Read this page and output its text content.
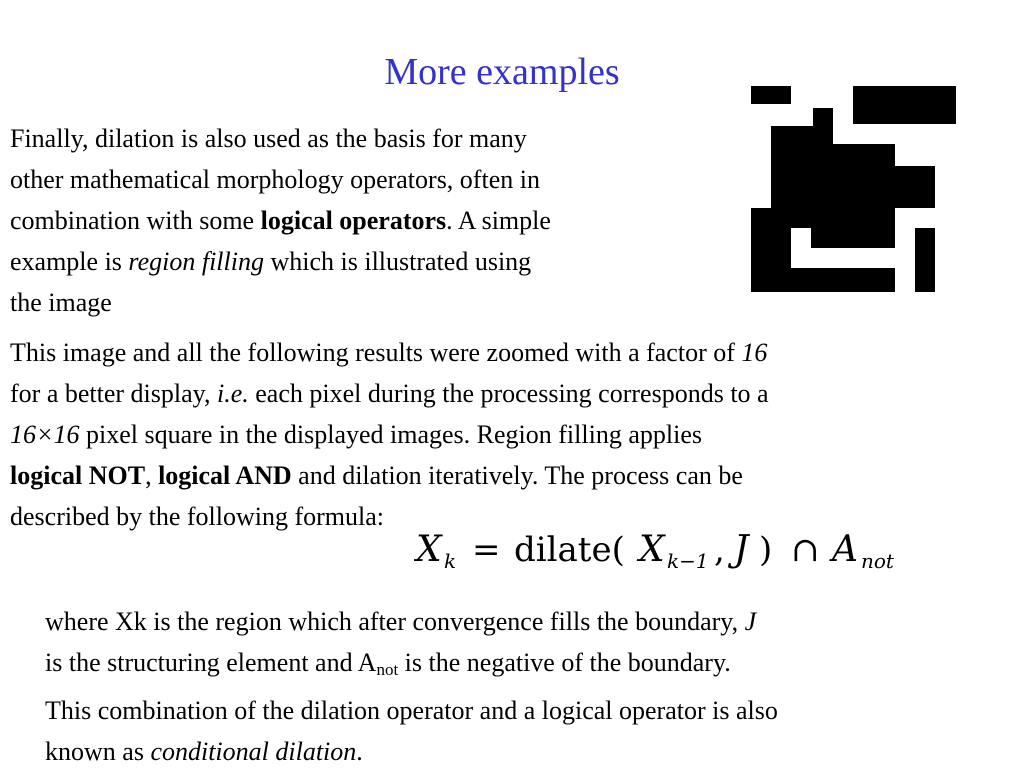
More examples

Finally, dilation is also used as the basis for many
other mathematical morphology operators, often in
combination with some logical operators. A simple
example is region filling which is illustrated using
the image

This image and all the following results were zoomed with a factor of 16
for a better display, i.e. each pixel during the processing corresponds to a
16×16 pixel square in the displayed images. Region filling applies
logical NOT, logical AND and dilation iteratively. The process can be
described by the following formula:

X k = dilate( X k−1 , J ) ∩ A not

where Xk is the region which after convergence fills the boundary, J
is the structuring element and $A_{not}$ is the negative of the boundary.
This combination of the dilation operator and a logical operator is also
known as conditional dilation.
